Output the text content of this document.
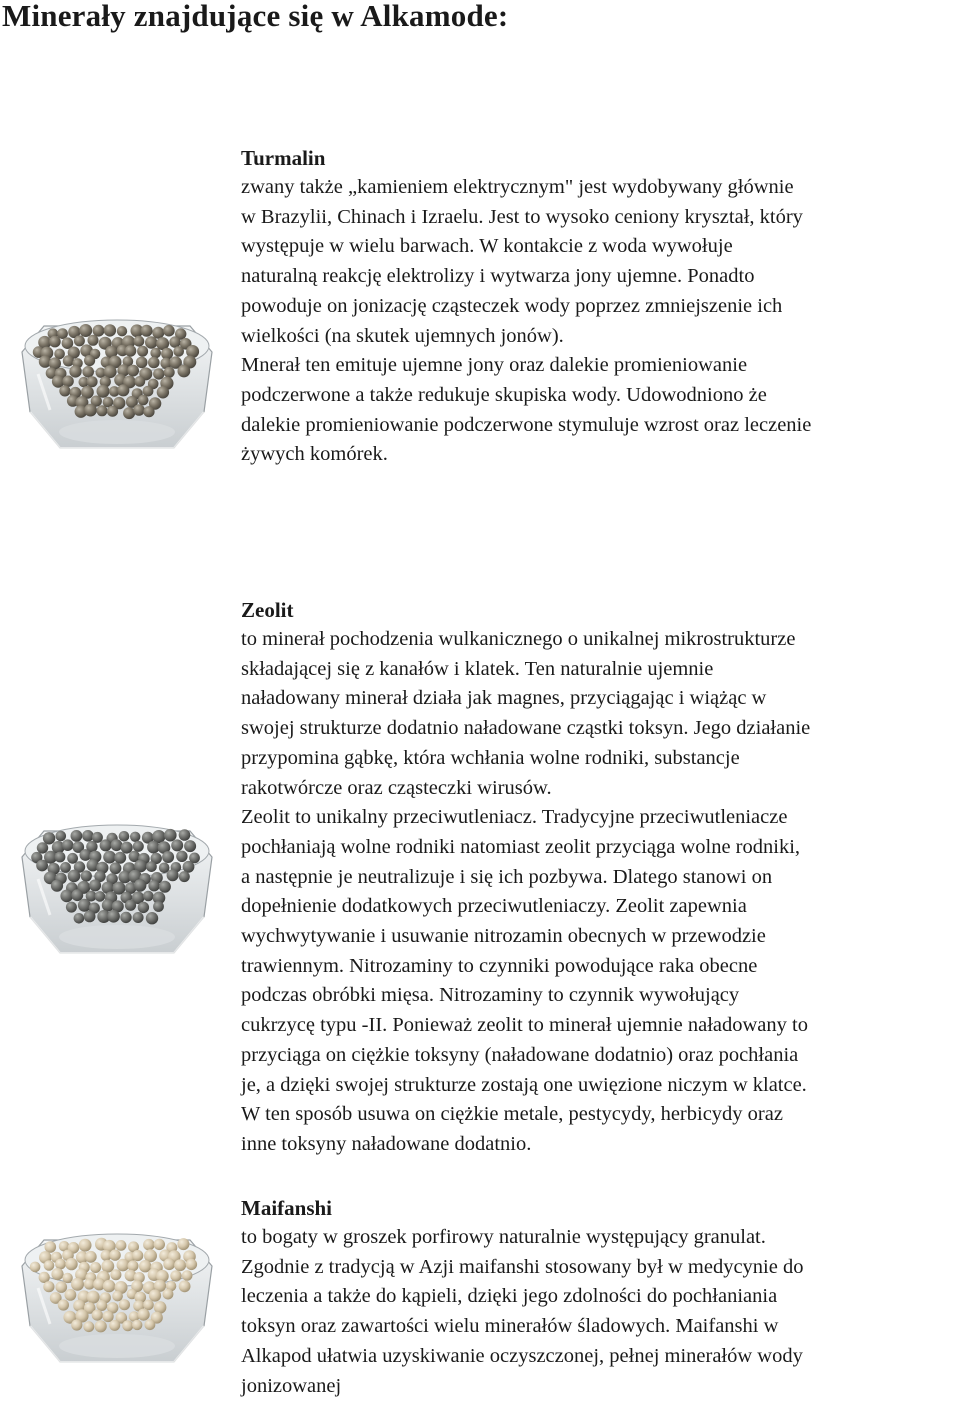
Minerały znajdujące się w Alkamode:
Turmalin

zwany także „kamieniem elektrycznym" jest wydobywany głównie

w Brazylii, Chinach i Izraelu. Jest to wysoko ceniony kryształ, który

występuje w wielu barwach. W kontakcie z woda wywołuje

naturalną reakcję elektrolizy i wytwarza jony ujemne. Ponadto

powoduje on jonizację cząsteczek wody poprzez zmniejszenie ich

wielkości (na skutek ujemnych jonów).

Mnerał ten emituje ujemne jony oraz dalekie promieniowanie

podczerwone a także redukuje skupiska wody. Udowodniono że

dalekie promieniowanie podczerwone stymuluje wzrost oraz leczenie

żywych komórek.

Zeolit

to minerał pochodzenia wulkanicznego o unikalnej mikrostrukturze

składającej się z kanałów i klatek. Ten naturalnie ujemnie

naładowany minerał działa jak magnes, przyciągając i wiążąc w

swojej strukturze dodatnio naładowane cząstki toksyn. Jego działanie

przypomina gąbkę, która wchłania wolne rodniki, substancje

rakotwórcze oraz cząsteczki wirusów.

Zeolit to unikalny przeciwutleniacz. Tradycyjne przeciwutleniacze

pochłaniają wolne rodniki natomiast zeolit przyciąga wolne rodniki,

a następnie je neutralizuje i się ich pozbywa. Dlatego stanowi on

dopełnienie dodatkowych przeciwutleniaczy. Zeolit zapewnia

wychwytywanie i usuwanie nitrozamin obecnych w przewodzie

trawiennym. Nitrozaminy to czynniki powodujące raka obecne

podczas obróbki mięsa. Nitrozaminy to czynnik wywołujący

cukrzycę typu -II. Ponieważ zeolit to minerał ujemnie naładowany to

przyciąga on ciężkie toksyny (naładowane dodatnio) oraz pochłania

je, a dzięki swojej strukturze zostają one uwięzione niczym w klatce.

W ten sposób usuwa on ciężkie metale, pestycydy, herbicydy oraz

inne toksyny naładowane dodatnio.

Maifanshi

to bogaty w groszek porfirowy naturalnie występujący granulat.

Zgodnie z tradycją w Azji maifanshi stosowany był w medycynie do

leczenia a także do kąpieli, dzięki jego zdolności do pochłaniania

toksyn oraz zawartości wielu minerałów śladowych. Maifanshi w

Alkapod ułatwia uzyskiwanie oczyszczonej, pełnej minerałów wody

jonizowanej
